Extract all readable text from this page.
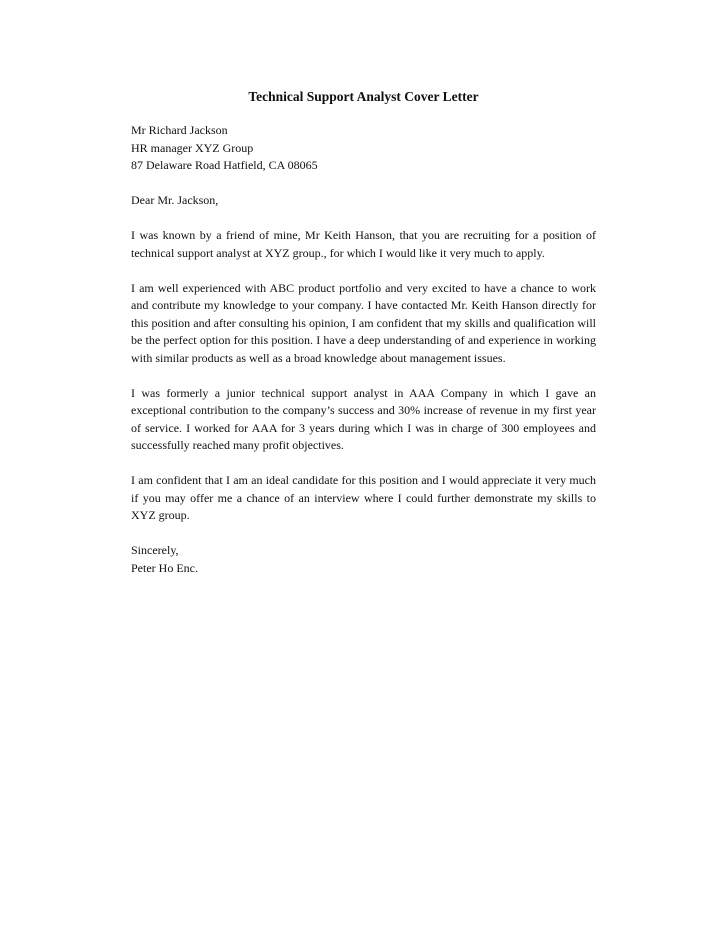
Technical Support Analyst Cover Letter
Mr Richard Jackson
HR manager XYZ Group
87 Delaware Road Hatfield, CA 08065

Dear Mr. Jackson,

I was known by a friend of mine, Mr Keith Hanson, that you are recruiting for a position of technical support analyst at XYZ group., for which I would like it very much to apply.

I am well experienced with ABC product portfolio and very excited to have a chance to work and contribute my knowledge to your company. I have contacted Mr. Keith Hanson directly for this position and after consulting his opinion, I am confident that my skills and qualification will be the perfect option for this position. I have a deep understanding of and experience in working with similar products as well as a broad knowledge about management issues.

I was formerly a junior technical support analyst in AAA Company in which I gave an exceptional contribution to the company’s success and 30% increase of revenue in my first year of service. I worked for AAA for 3 years during which I was in charge of 300 employees and successfully reached many profit objectives.

I am confident that I am an ideal candidate for this position and I would appreciate it very much if you may offer me a chance of an interview where I could further demonstrate my skills to XYZ group.

Sincerely,
Peter Ho Enc.
